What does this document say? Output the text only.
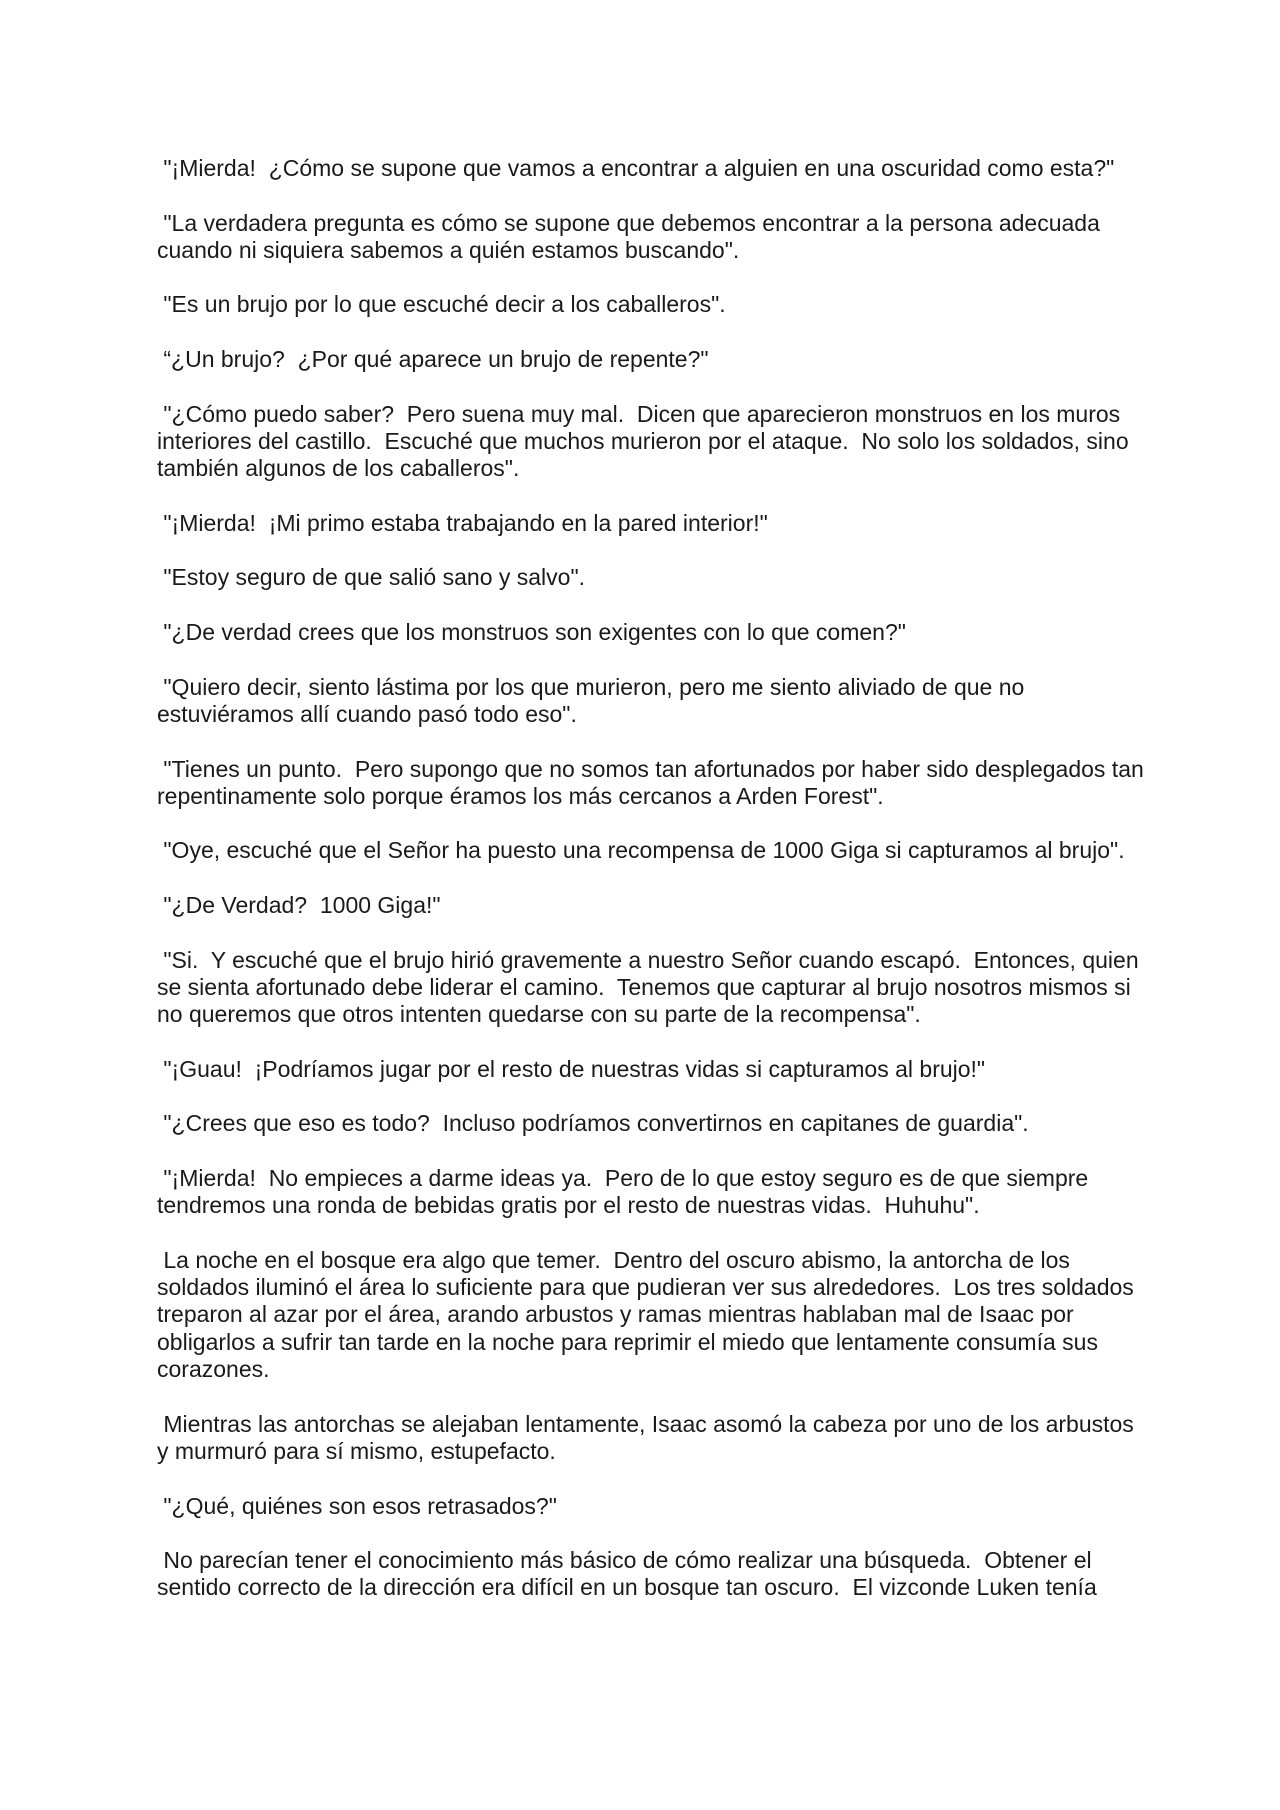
"¡Mierda!  ¿Cómo se supone que vamos a encontrar a alguien en una oscuridad como esta?"

"La verdadera pregunta es cómo se supone que debemos encontrar a la persona adecuada cuando ni siquiera sabemos a quién estamos buscando".

"Es un brujo por lo que escuché decir a los caballeros".

“¿Un brujo?  ¿Por qué aparece un brujo de repente?"

"¿Cómo puedo saber?  Pero suena muy mal.  Dicen que aparecieron monstruos en los muros interiores del castillo.  Escuché que muchos murieron por el ataque.  No solo los soldados, sino también algunos de los caballeros".

"¡Mierda!  ¡Mi primo estaba trabajando en la pared interior!"

"Estoy seguro de que salió sano y salvo".

"¿De verdad crees que los monstruos son exigentes con lo que comen?"

"Quiero decir, siento lástima por los que murieron, pero me siento aliviado de que no estuviéramos allí cuando pasó todo eso".

"Tienes un punto.  Pero supongo que no somos tan afortunados por haber sido desplegados tan repentinamente solo porque éramos los más cercanos a Arden Forest".

"Oye, escuché que el Señor ha puesto una recompensa de 1000 Giga si capturamos al brujo".

"¿De Verdad?  1000 Giga!"

"Si.  Y escuché que el brujo hirió gravemente a nuestro Señor cuando escapó.  Entonces, quien se sienta afortunado debe liderar el camino.  Tenemos que capturar al brujo nosotros mismos si no queremos que otros intenten quedarse con su parte de la recompensa".

"¡Guau!  ¡Podríamos jugar por el resto de nuestras vidas si capturamos al brujo!"

"¿Crees que eso es todo?  Incluso podríamos convertirnos en capitanes de guardia".

"¡Mierda!  No empieces a darme ideas ya.  Pero de lo que estoy seguro es de que siempre tendremos una ronda de bebidas gratis por el resto de nuestras vidas.  Huhuhu".

La noche en el bosque era algo que temer.  Dentro del oscuro abismo, la antorcha de los soldados iluminó el área lo suficiente para que pudieran ver sus alrededores.  Los tres soldados treparon al azar por el área, arando arbustos y ramas mientras hablaban mal de Isaac por obligarlos a sufrir tan tarde en la noche para reprimir el miedo que lentamente consumía sus corazones.

Mientras las antorchas se alejaban lentamente, Isaac asomó la cabeza por uno de los arbustos y murmuró para sí mismo, estupefacto.

"¿Qué, quiénes son esos retrasados?"

No parecían tener el conocimiento más básico de cómo realizar una búsqueda.  Obtener el sentido correcto de la dirección era difícil en un bosque tan oscuro.  El vizconde Luken tenía
